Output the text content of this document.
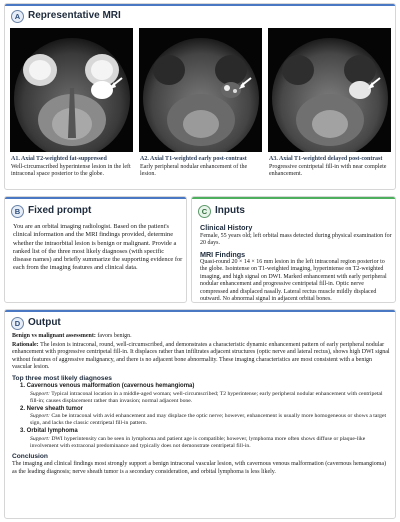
A Representative MRI
A1. Axial T2-weighted fat-suppressed
Well-circumscribed hyperintense lesion in the left intraconal space posterior to the globe.
A2. Axial T1-weighted early post-contrast
Early peripheral nodular enhancement of the lesion.
A3. Axial T1-weighted delayed post-contrast
Progressive centripetal fill-in with near complete enhancement.
B Fixed prompt
You are an orbital imaging radiologist. Based on the patient's clinical information and the MRI findings provided, determine whether the intraorbital lesion is benign or malignant. Provide a ranked list of the three most likely diagnoses (with specific disease names) and briefly summarize the supporting evidence for each from the imaging features and clinical data.
C Inputs
Clinical History
Female, 55 years old; left orbital mass detected during physical examination for 20 days.
MRI Findings
Quasi-round 20 × 14 × 16 mm lesion in the left intraconal region posterior to the globe. Isointense on T1-weighted imaging, hyperintense on T2-weighted imaging, and high signal on DWI. Marked enhancement with early peripheral nodular enhancement and progressive centripetal fill-in. Optic nerve compressed and displaced nasally. Lateral rectus muscle mildly displaced outward. No abnormal signal in adjacent orbital bones.
D Output
Benign vs malignant assessment: favors benign.
Rationale: The lesion is intraconal, round, well-circumscribed, and demonstrates a characteristic dynamic enhancement pattern of early peripheral nodular enhancement with progressive centripetal fill-in. It displaces rather than infiltrates adjacent structures (optic nerve and lateral rectus), shows high DWI signal without features of aggressive malignancy, and there is no adjacent bone abnormality. These imaging characteristics are most consistent with a benign vascular lesion.
Top three most likely diagnoses
1. Cavernous venous malformation (cavernous hemangioma)
Support: Typical intraconal location in a middle-aged woman; well-circumscribed; T2 hyperintense; early peripheral nodular enhancement with centripetal fill-in; causes displacement rather than invasion; normal adjacent bone.
2. Nerve sheath tumor
Support: Can be intraconal with avid enhancement and may displace the optic nerve; however, enhancement is usually more homogeneous or shows a target sign, and lacks the classic centripetal fill-in pattern.
3. Orbital lymphoma
Support: DWI hyperintensity can be seen in lymphoma and patient age is compatible; however, lymphoma more often shows diffuse or plaque-like involvement with extraconal predominance and typically does not demonstrate centripetal fill-in.
Conclusion
The imaging and clinical findings most strongly support a benign intraconal vascular lesion, with cavernous venous malformation (cavernous hemangioma) as the leading diagnosis; nerve sheath tumor is a secondary consideration, and orbital lymphoma is less likely.
